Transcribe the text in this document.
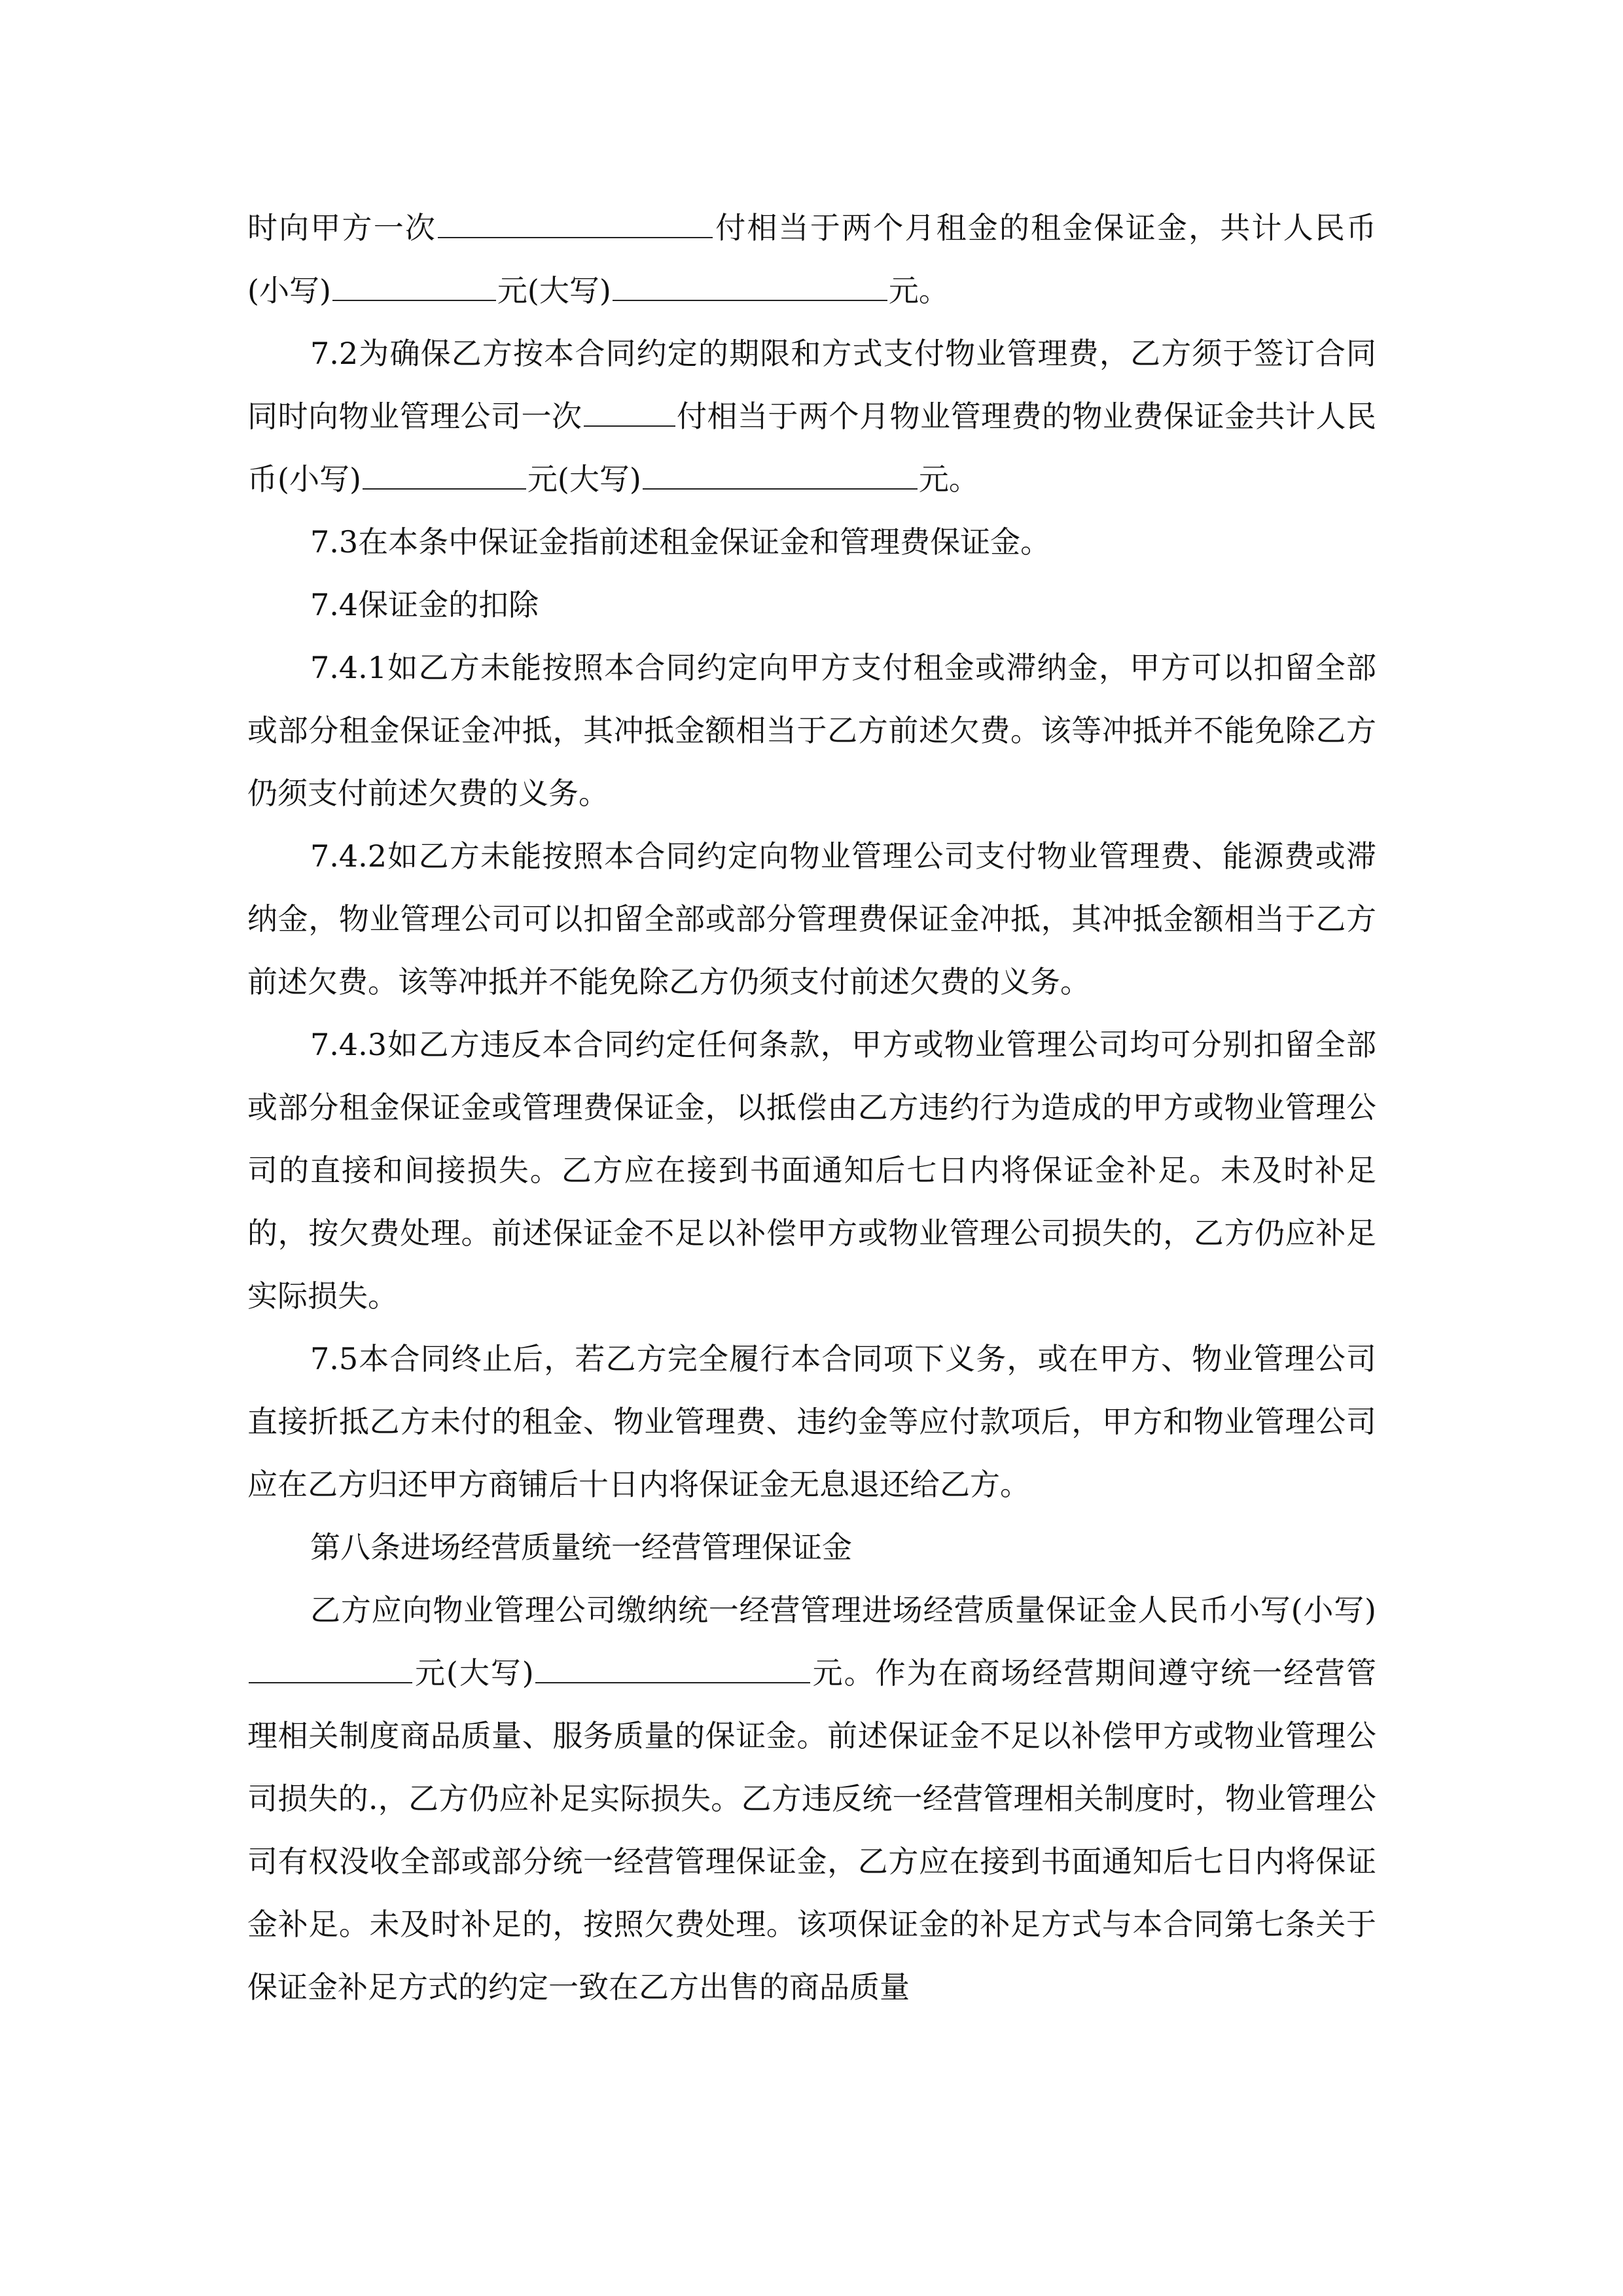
时向甲方一次	付相当于两个月租金的租金保证金，共计人民币(小写)	元(大写)	元。

7.2为确保乙方按本合同约定的期限和方式支付物业管理费，乙方须于签订合同同时向物业管理公司一次	付相当于两个月物业管理费的物业费保证金共计人民币(小写)	元(大写)	元。

7.3在本条中保证金指前述租金保证金和管理费保证金。

7.4保证金的扣除

7.4.1如乙方未能按照本合同约定向甲方支付租金或滞纳金，甲方可以扣留全部或部分租金保证金冲抵，其冲抵金额相当于乙方前述欠费。该等冲抵并不能免除乙方仍须支付前述欠费的义务。

7.4.2如乙方未能按照本合同约定向物业管理公司支付物业管理费、能源费或滞纳金，物业管理公司可以扣留全部或部分管理费保证金冲抵，其冲抵金额相当于乙方前述欠费。该等冲抵并不能免除乙方仍须支付前述欠费的义务。

7.4.3如乙方违反本合同约定任何条款，甲方或物业管理公司均可分别扣留全部或部分租金保证金或管理费保证金，以抵偿由乙方违约行为造成的甲方或物业管理公司的直接和间接损失。乙方应在接到书面通知后七日内将保证金补足。未及时补足的，按欠费处理。前述保证金不足以补偿甲方或物业管理公司损失的，乙方仍应补足实际损失。

7.5本合同终止后，若乙方完全履行本合同项下义务，或在甲方、物业管理公司直接折抵乙方未付的租金、物业管理费、违约金等应付款项后，甲方和物业管理公司应在乙方归还甲方商铺后十日内将保证金无息退还给乙方。

第八条进场经营质量统一经营管理保证金

乙方应向物业管理公司缴纳统一经营管理进场经营质量保证金人民币小写(小写)元(大写)	元。作为在商场经营期间遵守统一经营管理相关制度商品质量、服务质量的保证金。前述保证金不足以补偿甲方或物业管理公司损失的.，乙方仍应补足实际损失。乙方违反统一经营管理相关制度时，物业管理公司有权没收全部或部分统一经营管理保证金，乙方应在接到书面通知后七日内将保证金补足。未及时补足的，按照欠费处理。该项保证金的补足方式与本合同第七条关于保证金补足方式的约定一致在乙方出售的商品质量
